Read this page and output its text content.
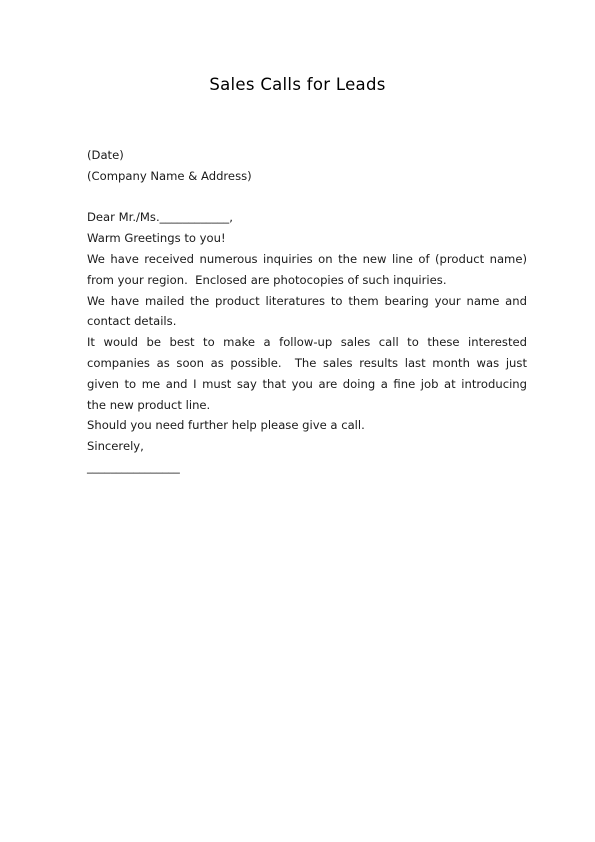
Sales Calls for Leads
(Date)
(Company Name & Address)
Dear Mr./Ms.____________,
Warm Greetings to you!
We have received numerous inquiries on the new line of (product name)
from your region.  Enclosed are photocopies of such inquiries.
We have mailed the product literatures to them bearing your name and
contact details.
It would be best to make a follow-up sales call to these interested
companies as soon as possible.  The sales results last month was just
given to me and I must say that you are doing a fine job at introducing
the new product line.
Should you need further help please give a call.
Sincerely,
________________
